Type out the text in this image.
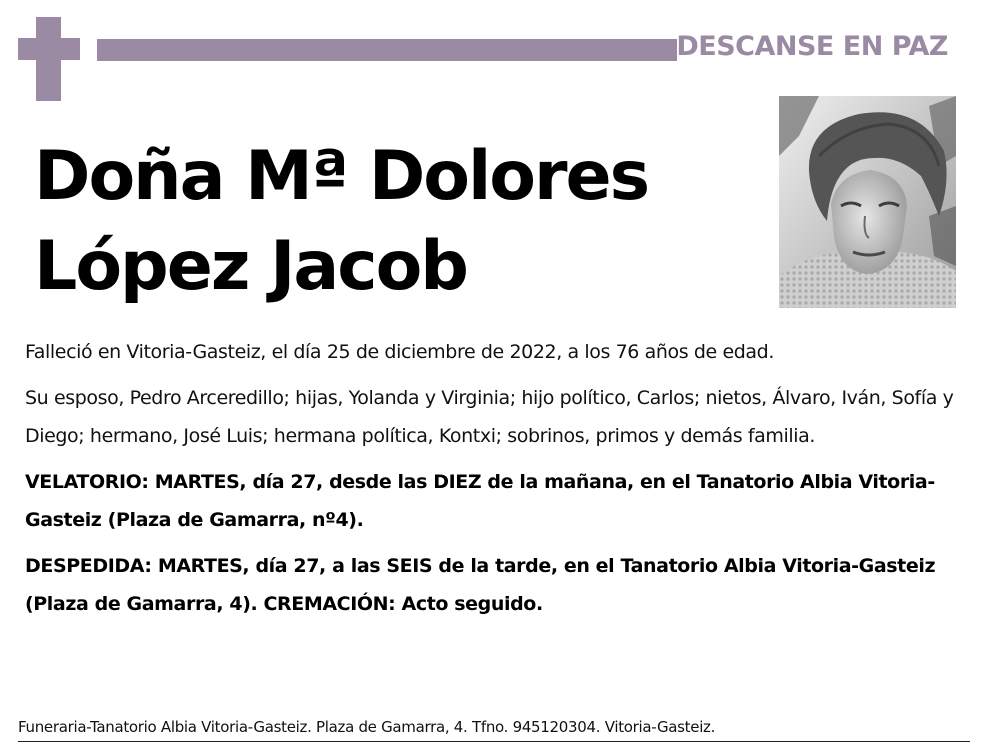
DESCANSE EN PAZ
Doña Mª Dolores
López Jacob

Falleció en Vitoria-Gasteiz, el día 25 de diciembre de 2022, a los 76 años de edad.

Su esposo, Pedro Arceredillo; hijas, Yolanda y Virginia; hijo político, Carlos; nietos, Álvaro, Iván, Sofía y Diego; hermano, José Luis; hermana política, Kontxi; sobrinos, primos y demás familia.

VELATORIO: MARTES, día 27, desde las DIEZ de la mañana, en el Tanatorio Albia Vitoria-Gasteiz (Plaza de Gamarra, nº4).

DESPEDIDA: MARTES, día 27, a las SEIS de la tarde, en el Tanatorio Albia Vitoria-Gasteiz (Plaza de Gamarra, 4). CREMACIÓN: Acto seguido.

Funeraria-Tanatorio Albia Vitoria-Gasteiz. Plaza de Gamarra, 4. Tfno. 945120304. Vitoria-Gasteiz.
